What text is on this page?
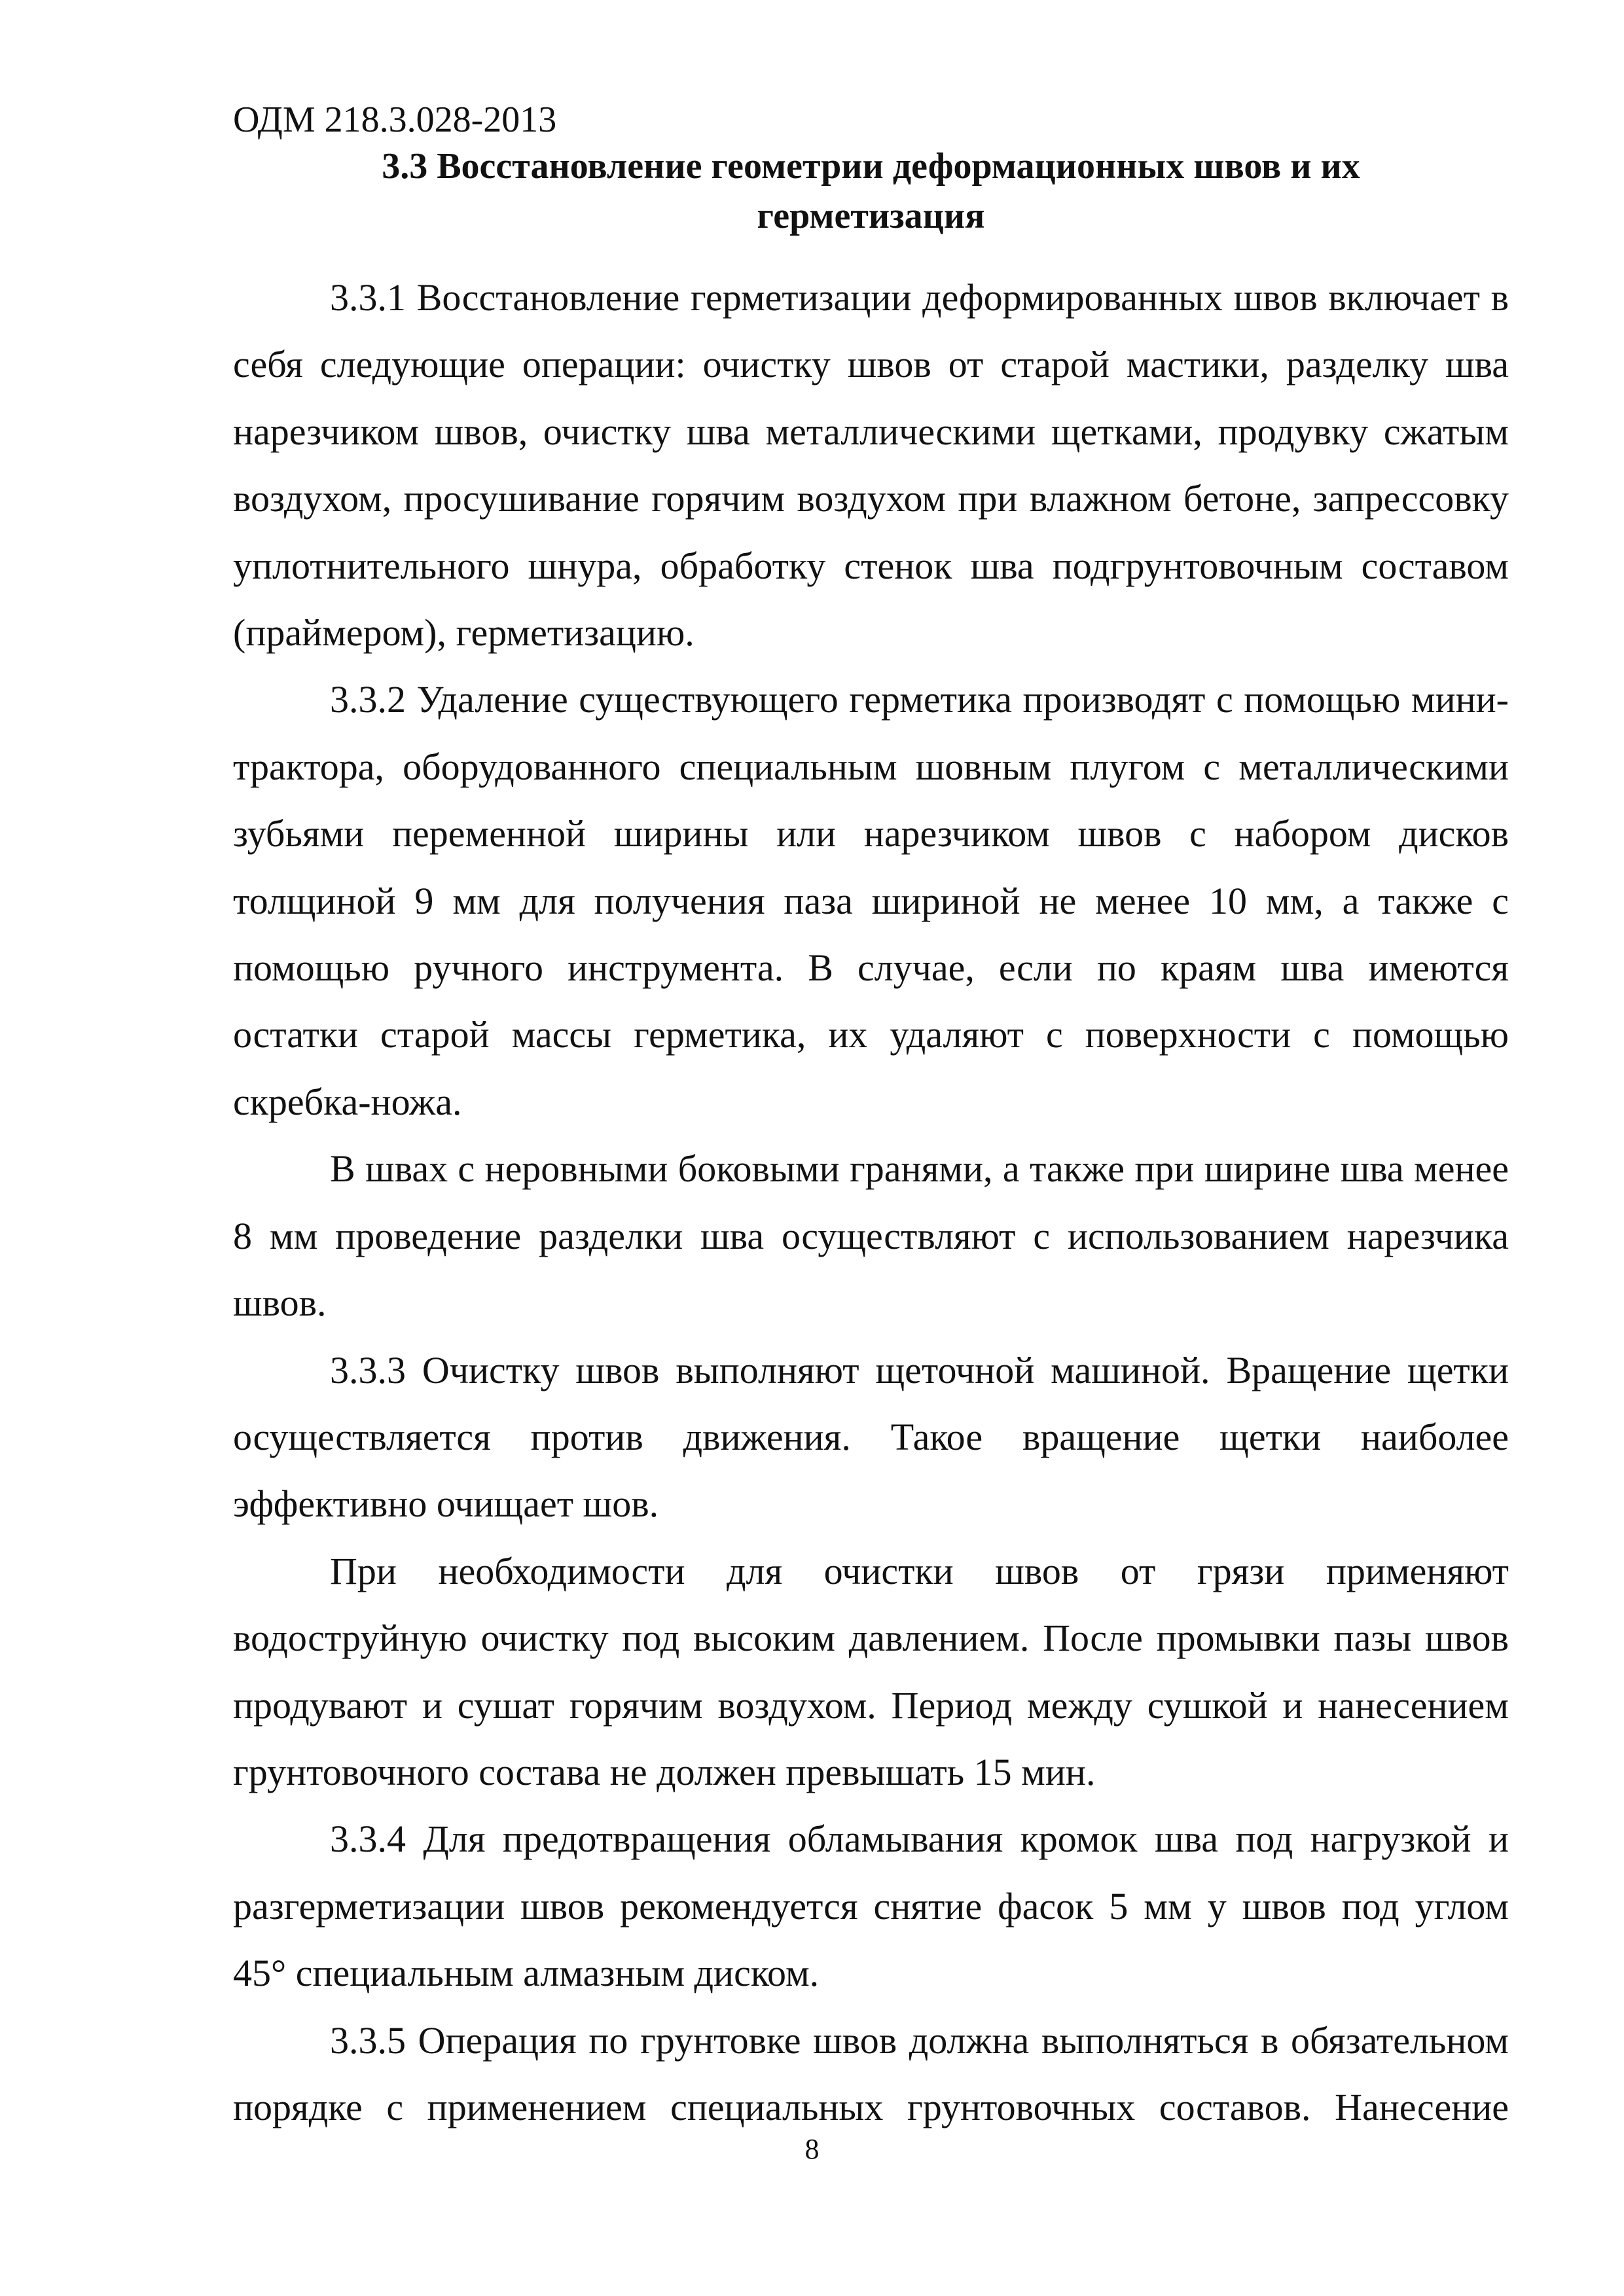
ОДМ 218.3.028-2013
3.3 Восстановление геометрии деформационных швов и их
герметизация

3.3.1 Восстановление герметизации деформированных швов включает в себя следующие операции: очистку швов от старой мастики, разделку шва нарезчиком швов, очистку шва металлическими щетками, продувку сжатым воздухом, просушивание горячим воздухом при влажном бетоне, запрессовку уплотнительного шнура, обработку стенок шва подгрунтовочным составом (праймером), герметизацию.

3.3.2 Удаление существующего герметика производят с помощью мини-трактора, оборудованного специальным шовным плугом с металлическими зубьями переменной ширины или нарезчиком швов с набором дисков толщиной 9 мм для получения паза шириной не менее 10 мм, а также с помощью ручного инструмента. В случае, если по краям шва имеются остатки старой массы герметика, их удаляют с поверхности с помощью скребка-ножа.

В швах с неровными боковыми гранями, а также при ширине шва менее 8 мм проведение разделки шва осуществляют с использованием нарезчика швов.

3.3.3 Очистку швов выполняют щеточной машиной. Вращение щетки осуществляется против движения. Такое вращение щетки наиболее эффективно очищает шов.

При необходимости для очистки швов от грязи применяют водоструйную очистку под высоким давлением. После промывки пазы швов продувают и сушат горячим воздухом. Период между сушкой и нанесением грунтовочного состава не должен превышать 15 мин.

3.3.4 Для предотвращения обламывания кромок шва под нагрузкой и разгерметизации швов рекомендуется снятие фасок 5 мм у швов под углом 45° специальным алмазным диском.

3.3.5 Операция по грунтовке швов должна выполняться в обязательном порядке с применением специальных грунтовочных составов. Нанесение

8
